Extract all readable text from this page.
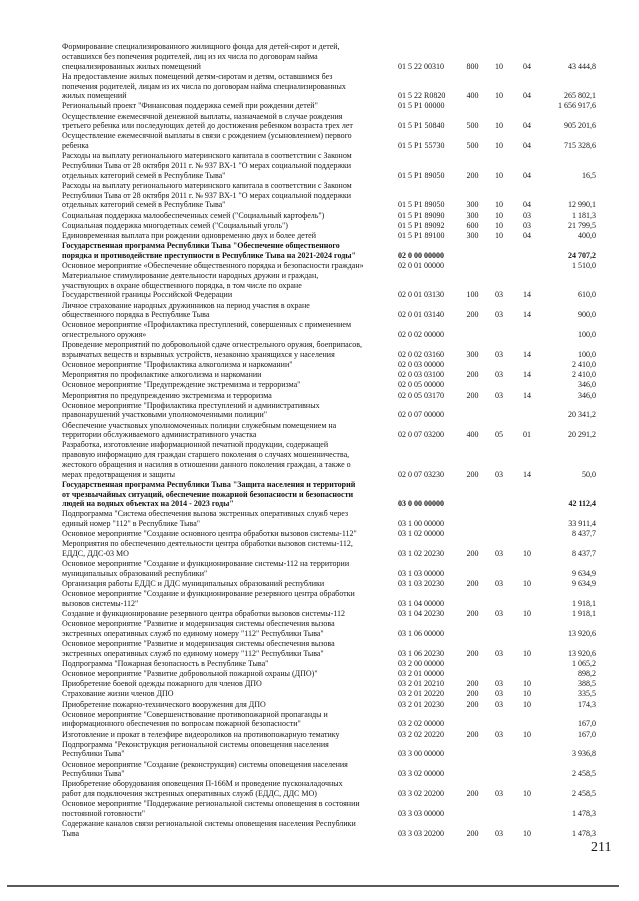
Формирование специализированного жилищного фонда для детей-сирот и детей,
оставшихся без попечения родителей, лиц из их числа по договорам найма
специализированных жилых помещений	01 5 22 00310	800	10	04	43 444,8
На предоставление жилых помещений детям-сиротам и детям, оставшимся без
попечения родителей, лицам из их числа по договорам найма специализированных
жилых помещений	01 5 22 R0820	400	10	04	265 802,1
Региональный проект "Финансовая поддержка семей при рождении детей"	01 5 P1 00000				1 656 917,6
Осуществление ежемесячной денежной выплаты, назначаемой в случае рождения
третьего ребенка или последующих детей до достижения ребенком возраста трех лет	01 5 P1 50840	500	10	04	905 201,6
Осуществление ежемесячной выплаты в связи с рождением (усыновлением) первого
ребенка	01 5 P1 55730	500	10	04	715 328,6
Расходы на выплату регионального материнского капитала в соответствии с Законом
Республики Тыва от 28 октября 2011 г. № 937 ВХ-1 "О мерах социальной поддержки
отдельных категорий семей в Республике Тыва"	01 5 P1 89050	200	10	04	16,5
Расходы на выплату регионального материнского капитала в соответствии с Законом
Республики Тыва от 28 октября 2011 г. № 937 ВХ-1 "О мерах социальной поддержки
отдельных категорий семей в Республике Тыва"	01 5 P1 89050	300	10	04	12 990,1
Социальная поддержка малообеспеченных семей ("Социальный картофель")	01 5 P1 89090	300	10	03	1 181,3
Социальная поддержка многодетных семей ("Социальный уголь")	01 5 P1 89092	600	10	03	21 799,5
Единовременная выплата при рождении одновременно двух и более детей	01 5 P1 89100	300	10	04	400,0
Государственная программа Республики Тыва "Обеспечение общественного
порядка и противодействие преступности в Республике Тыва на 2021-2024 годы"	02 0 00 00000				24 707,2
Основное мероприятие «Обеспечение общественного порядка и безопасности граждан»	02 0 01 00000				1 510,0
Материальное стимулирование деятельности народных дружин и граждан,
участвующих в охране общественного порядка, в том числе по охране
Государственной границы Российской Федерации	02 0 01 03130	100	03	14	610,0
Личное страхование народных дружинников на период участия в охране
общественного порядка в Республике Тыва	02 0 01 03140	200	03	14	900,0
Основное мероприятие «Профилактика преступлений, совершенных с применением
огнестрельного оружия»	02 0 02 00000				100,0
Проведение мероприятий по добровольной сдаче огнестрельного оружия, боеприпасов,
взрывчатых веществ и взрывных устройств, незаконно хранящихся у населения	02 0 02 03160	300	03	14	100,0
Основное мероприятие "Профилактика алкоголизма и наркомании"	02 0 03 00000				2 410,0
Мероприятия по профилактике алкоголизма и наркомании	02 0 03 03100	200	03	14	2 410,0
Основное мероприятие "Предупреждение экстремизма и терроризма"	02 0 05 00000				346,0
Мероприятия по предупреждению экстремизма и терроризма	02 0 05 03170	200	03	14	346,0
Основное мероприятие "Профилактика преступлений и административных
правонарушений участковыми уполномоченными полиции"	02 0 07 00000				20 341,2
Обеспечение участковых уполномоченных полиции служебным помещением на
территории обслуживаемого административного участка	02 0 07 03200	400	05	01	20 291,2
Разработка, изготовление информационной печатной продукции, содержащей
правовую информацию для граждан старшего поколения о случаях мошенничества,
жестокого обращения и насилия в отношении данного поколения граждан, а также о
мерах предотвращения и защиты	02 0 07 03230	200	03	14	50,0
Государственная программа Республики Тыва "Защита населения и территорий
от чрезвычайных ситуаций, обеспечение пожарной безопасности и безопасности
людей на водных объектах на 2014 - 2023 годы"	03 0 00 00000				42 112,4
Подпрограмма "Система обеспечения вызова экстренных оперативных служб через
единый номер "112" в Республике Тыва"	03 1 00 00000				33 911,4
Основное мероприятие "Создание основного центра обработки вызовов системы-112"	03 1 02 00000				8 437,7
Мероприятия по обеспечению деятельности центра обработки вызовов системы-112,
ЕДДС, ДДС-03 МО	03 1 02 20230	200	03	10	8 437,7
Основное мероприятие "Создание и функционирование системы-112 на территории
муниципальных образований республики"	03 1 03 00000				9 634,9
Организация работы ЕДДС и ДДС муниципальных образований республики	03 1 03 20230	200	03	10	9 634,9
Основное мероприятие "Создание и функционирование резервного центра обработки
вызовов системы-112"	03 1 04 00000				1 918,1
Создание и функционирование резервного центра обработки вызовов системы-112	03 1 04 20230	200	03	10	1 918,1
Основное мероприятие "Развитие и модернизация системы обеспечения вызова
экстренных оперативных служб по единому номеру "112" Республики Тыва"	03 1 06 00000				13 920,6
Основное мероприятие "Развитие и модернизация системы обеспечения вызова
экстренных оперативных служб по единому номеру "112" Республики Тыва"	03 1 06 20230	200	03	10	13 920,6
Подпрограмма "Пожарная безопасность в Республике Тыва"	03 2 00 00000				1 065,2
Основное мероприятие "Развитие добровольной пожарной охраны (ДПО)"	03 2 01 00000				898,2
Приобретение боевой одежды пожарного для членов ДПО	03 2 01 20210	200	03	10	388,5
Страхование жизни членов ДПО	03 2 01 20220	200	03	10	335,5
Приобретение пожарно-технического вооружения для ДПО	03 2 01 20230	200	03	10	174,3
Основное мероприятие "Совершенствование противопожарной пропаганды и
информационного обеспечения по вопросам пожарной безопасности"	03 2 02 00000				167,0
Изготовление и прокат в телеэфире видеороликов на противопожарную тематику	03 2 02 20220	200	03	10	167,0
Подпрограмма "Реконструкция региональной системы оповещения населения
Республики Тыва"	03 3 00 00000				3 936,8
Основное мероприятие "Создание (реконструкция) системы оповещения населения
Республики Тыва"	03 3 02 00000				2 458,5
Приобретение оборудования оповещения П-166М и проведение пусконаладочных
работ для подключения экстренных оперативных служб (ЕДДС, ДДС МО)	03 3 02 20200	200	03	10	2 458,5
Основное мероприятие "Поддержание региональной системы оповещения в состоянии
постоянной готовности"	03 3 03 00000				1 478,3
Содержание каналов связи региональной системы оповещения населения Республики
Тыва	03 3 03 20200	200	03	10	1 478,3
211
